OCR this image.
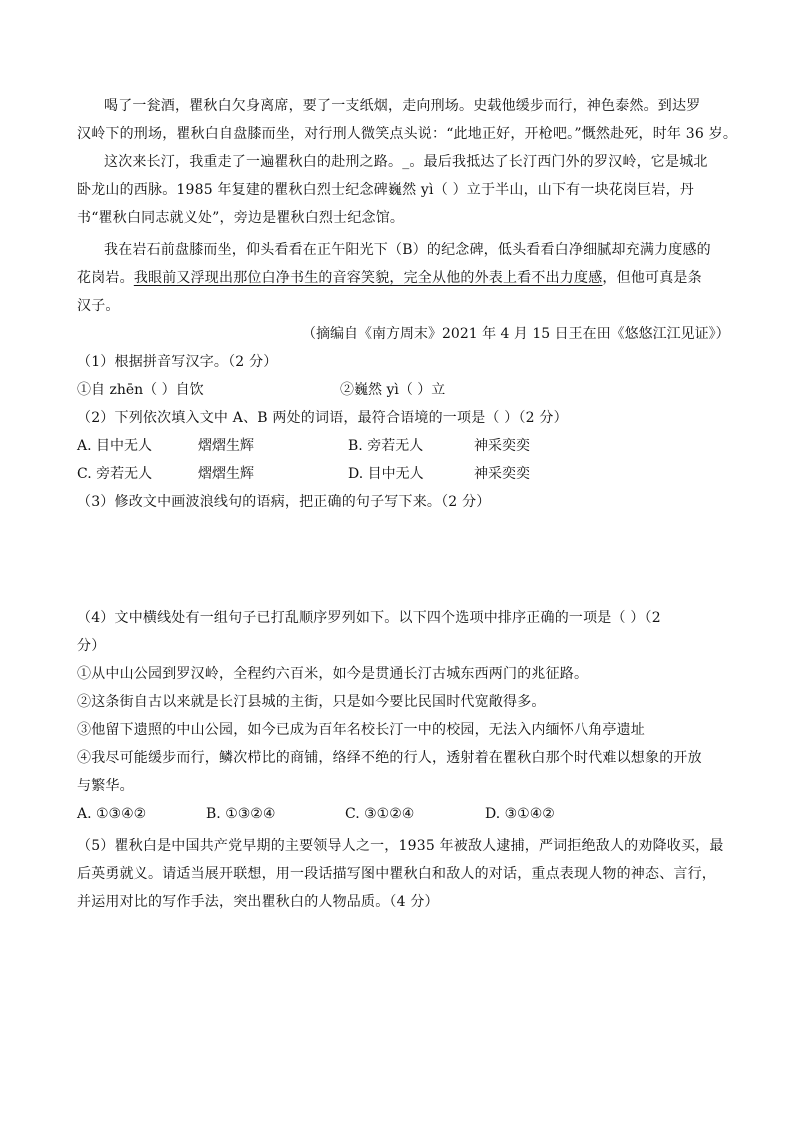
喝了一瓮酒，瞿秋白欠身离席，要了一支纸烟，走向刑场。史载他缓步而行，神色泰然。到达罗
汉岭下的刑场，瞿秋白自盘膝而坐，对行刑人微笑点头说：“此地正好，开枪吧。”慨然赴死，时年 36 岁。
这次来长汀，我重走了一遍瞿秋白的赴刑之路。_。最后我抵达了长汀西门外的罗汉岭，它是城北
卧龙山的西脉。1985 年复建的瞿秋白烈士纪念碑巍然 yì（ ）立于半山，山下有一块花岗巨岩，丹
书“瞿秋白同志就义处”，旁边是瞿秋白烈士纪念馆。
我在岩石前盘膝而坐，仰头看看在正午阳光下（B）的纪念碑，低头看看白净细腻却充满力度感的
花岗岩。我眼前又浮现出那位白净书生的音容笑貌，完全从他的外表上看不出力度感，但他可真是条
汉子。
（摘编自《南方周末》2021 年 4 月 15 日王在田《悠悠江江见证》）
（1）根据拼音写汉字。（2 分）
①自 zhēn（ ）自饮	②巍然 yì（ ）立
（2）下列依次填入文中 A、B 两处的词语，最符合语境的一项是（ ）（2 分）
A. 目中无人	熠熠生辉	B. 旁若无人	神采奕奕
C. 旁若无人	熠熠生辉	D. 目中无人	神采奕奕
（3）修改文中画波浪线句的语病，把正确的句子写下来。（2 分）
（4）文中横线处有一组句子已打乱顺序罗列如下。以下四个选项中排序正确的一项是（ ）（2
分）
①从中山公园到罗汉岭，全程约六百米，如今是贯通长汀古城东西两门的兆征路。
②这条街自古以来就是长汀县城的主街，只是如今要比民国时代宽敞得多。
③他留下遗照的中山公园，如今已成为百年名校长汀一中的校园，无法入内缅怀八角亭遗址
④我尽可能缓步而行，鳞次栉比的商铺，络绎不绝的行人，透射着在瞿秋白那个时代难以想象的开放
与繁华。
A. ①③④②	B. ①③②④	C. ③①②④	D. ③①④②
（5）瞿秋白是中国共产党早期的主要领导人之一，1935 年被敌人逮捕，严词拒绝敌人的劝降收买，最
后英勇就义。请适当展开联想，用一段话描写图中瞿秋白和敌人的对话，重点表现人物的神态、言行，
并运用对比的写作手法，突出瞿秋白的人物品质。（4 分）
